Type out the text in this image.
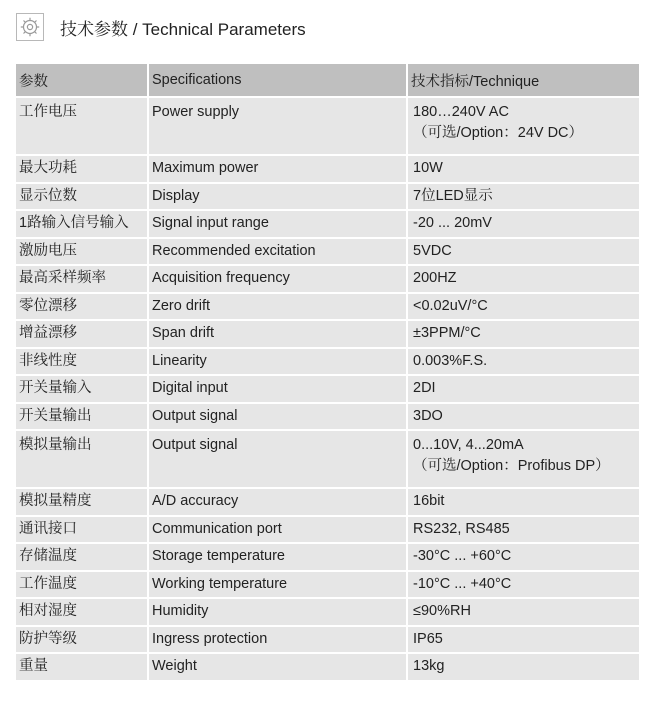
技术参数 / Technical Parameters
参数	Specifications	技术指标/Technique

工作电压	Power supply	180…240V AC
（可选/Option：24V DC）

最大功耗	Maximum power	10W

显示位数	Display	7位LED显示

1路输入信号输入	Signal input range	-20 ... 20mV

激励电压	Recommended excitation	5VDC

最高采样频率	Acquisition frequency	200HZ

零位漂移	Zero drift	<0.02uV/°C

增益漂移	Span drift	±3PPM/°C

非线性度	Linearity	0.003%F.S.

开关量输入	Digital input	2DI

开关量输出	Output signal	3DO

模拟量输出	Output signal	0...10V, 4...20mA
（可选/Option：Profibus DP）

模拟量精度	A/D accuracy	16bit

通讯接口	Communication port	RS232, RS485

存储温度	Storage temperature	-30°C ... +60°C

工作温度	Working temperature	-10°C ... +40°C

相对湿度	Humidity	≤90%RH

防护等级	Ingress protection	IP65

重量	Weight	13kg
